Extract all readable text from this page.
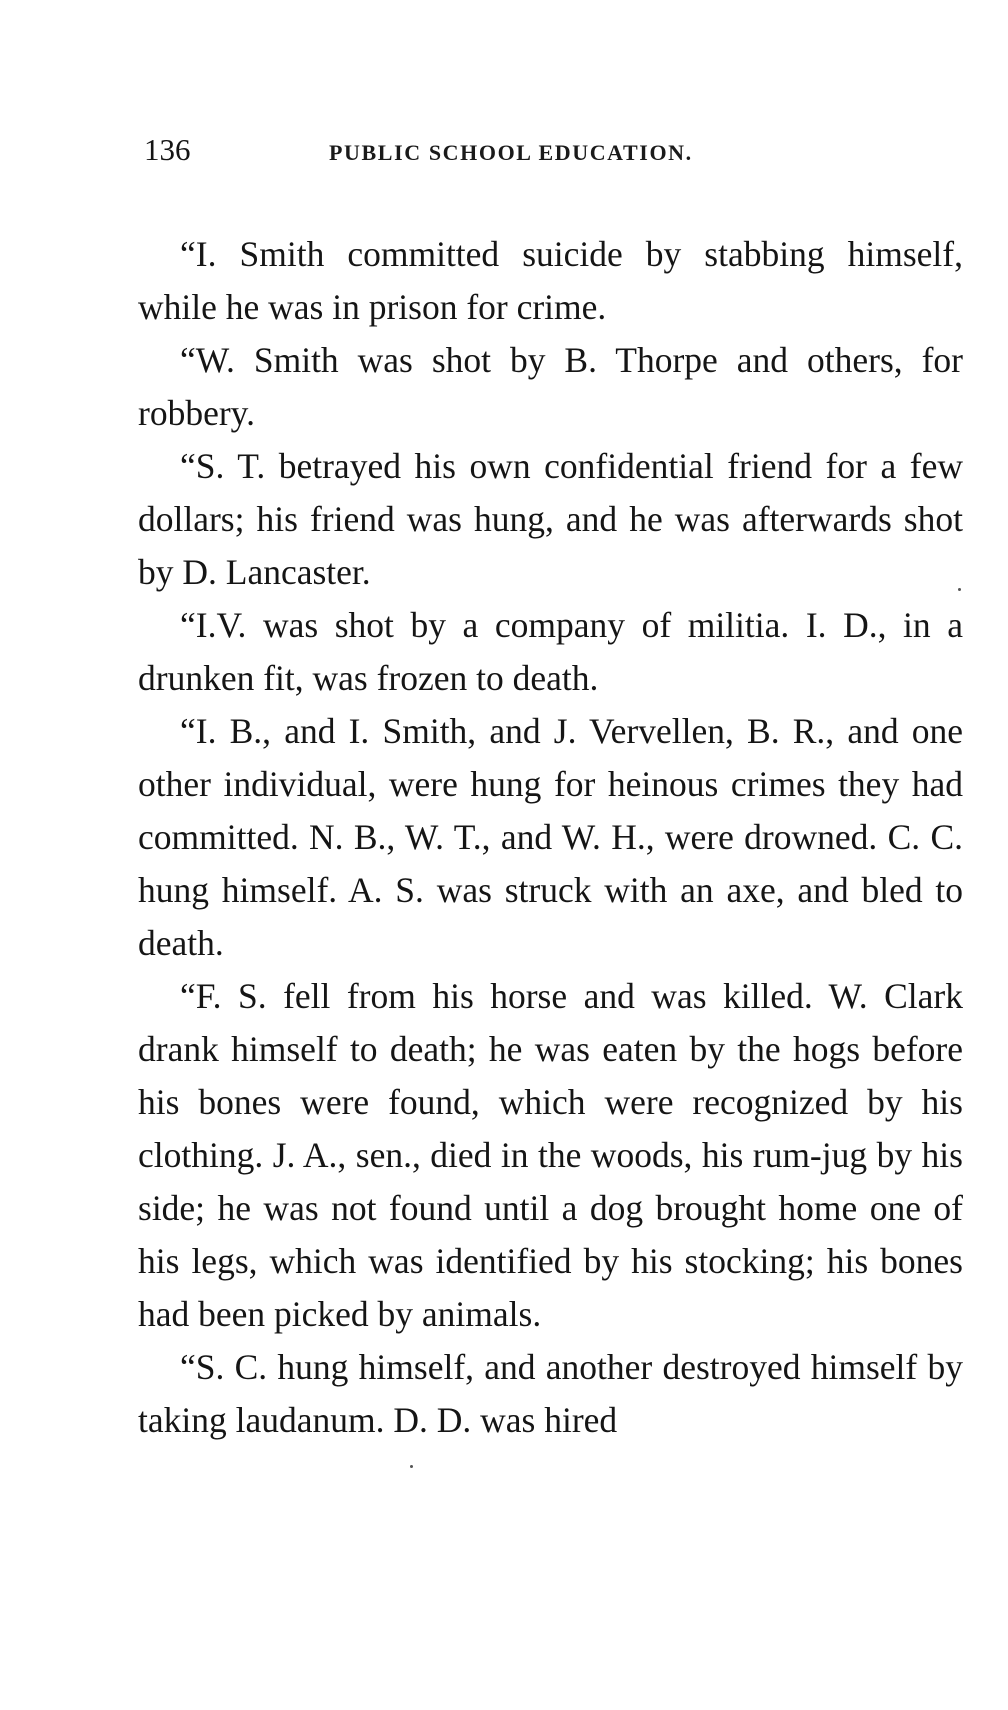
136	PUBLIC SCHOOL EDUCATION.

“I. Smith committed suicide by stabbing himself, while he was in prison for crime.

“W. Smith was shot by B. Thorpe and others, for robbery.

“S. T. betrayed his own confidential friend for a few dollars; his friend was hung, and he was afterwards shot by D. Lancaster.

“I.V. was shot by a company of militia. I. D., in a drunken fit, was frozen to death.

“I. B., and I. Smith, and J. Vervellen, B. R., and one other individual, were hung for heinous crimes they had committed. N. B., W. T., and W. H., were drowned. C. C. hung himself. A. S. was struck with an axe, and bled to death.

“F. S. fell from his horse and was killed. W. Clark drank himself to death; he was eaten by the hogs before his bones were found, which were recognized by his clothing. J. A., sen., died in the woods, his rum-jug by his side; he was not found until a dog brought home one of his legs, which was identified by his stocking; his bones had been picked by animals.

“S. C. hung himself, and another destroyed himself by taking laudanum. D. D. was hired
